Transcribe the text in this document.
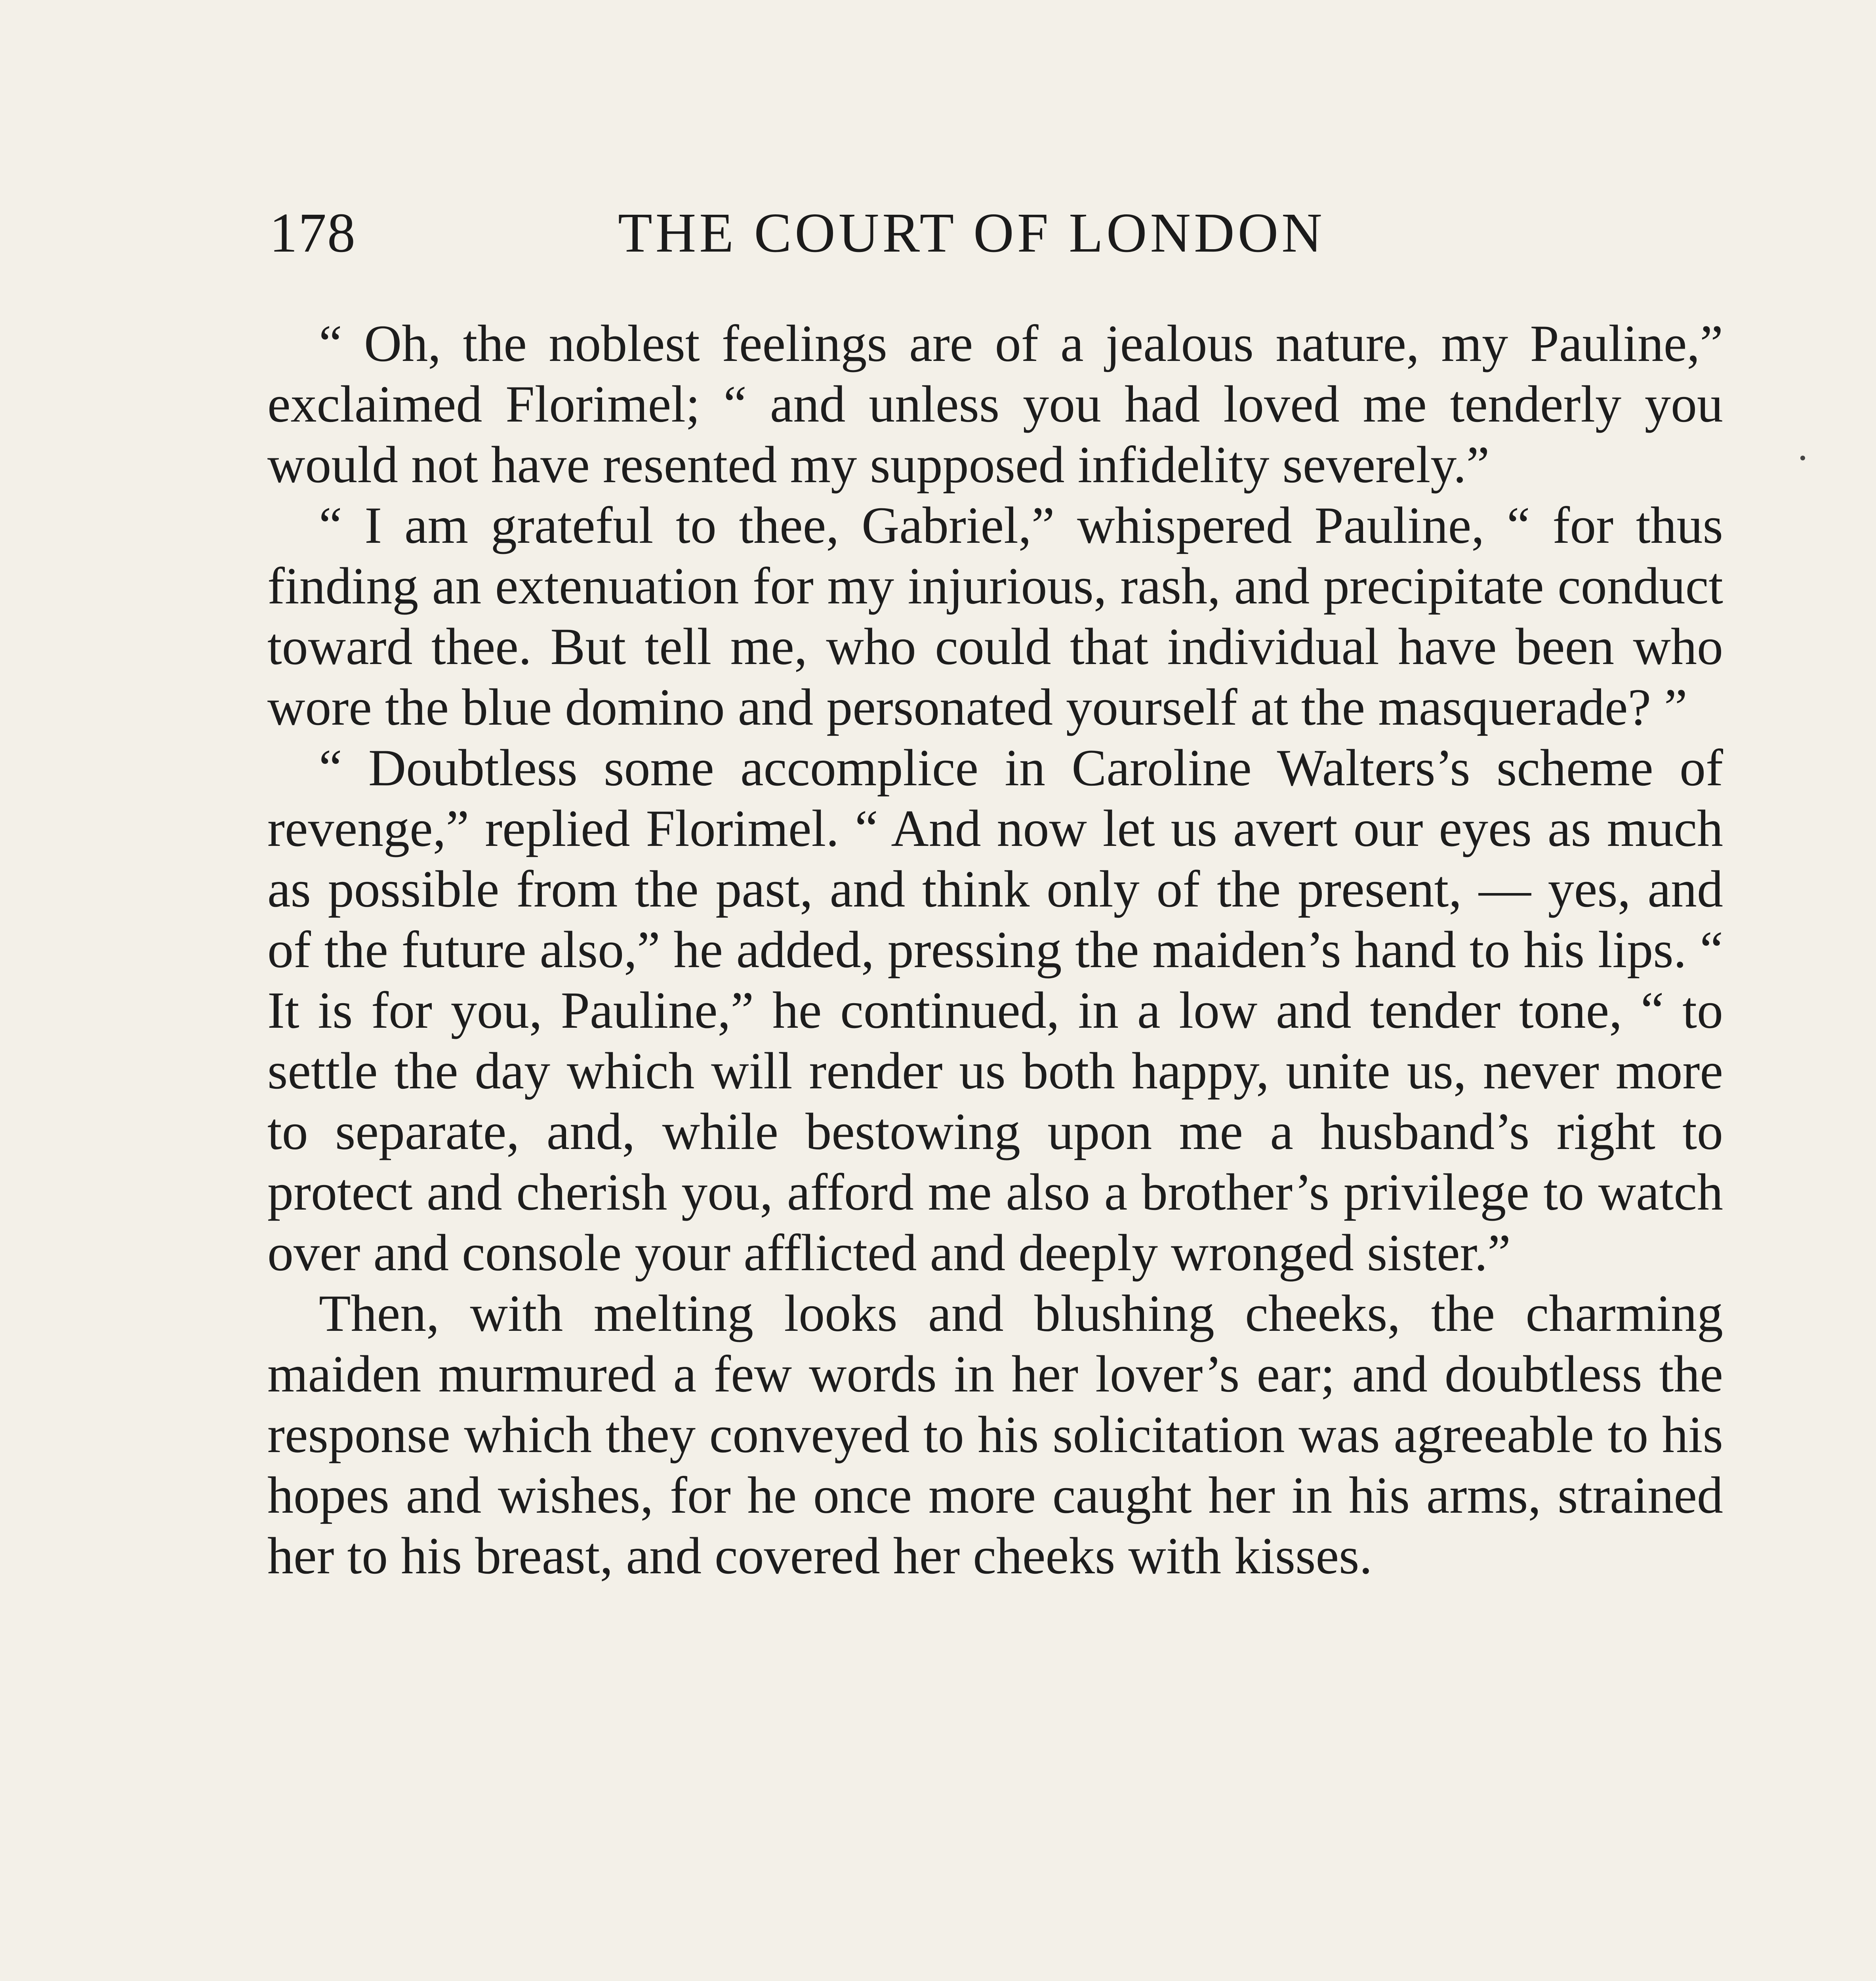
178	THE COURT OF LONDON

“ Oh, the noblest feelings are of a jealous nature, my Pauline,” exclaimed Florimel; “ and unless you had loved me tenderly you would not have resented my supposed infidelity severely.”

“ I am grateful to thee, Gabriel,” whispered Pauline, “ for thus finding an extenuation for my injurious, rash, and precipitate conduct toward thee. But tell me, who could that individual have been who wore the blue domino and personated yourself at the masquerade? ”

“ Doubtless some accomplice in Caroline Walters’s scheme of revenge,” replied Florimel. “ And now let us avert our eyes as much as possible from the past, and think only of the present, — yes, and of the future also,” he added, pressing the maiden’s hand to his lips. “ It is for you, Pauline,” he continued, in a low and tender tone, “ to settle the day which will render us both happy, unite us, never more to separate, and, while bestowing upon me a husband’s right to protect and cherish you, afford me also a brother’s privilege to watch over and console your afflicted and deeply wronged sister.”

Then, with melting looks and blushing cheeks, the charming maiden murmured a few words in her lover’s ear; and doubtless the response which they conveyed to his solicitation was agreeable to his hopes and wishes, for he once more caught her in his arms, strained her to his breast, and covered her cheeks with kisses.
